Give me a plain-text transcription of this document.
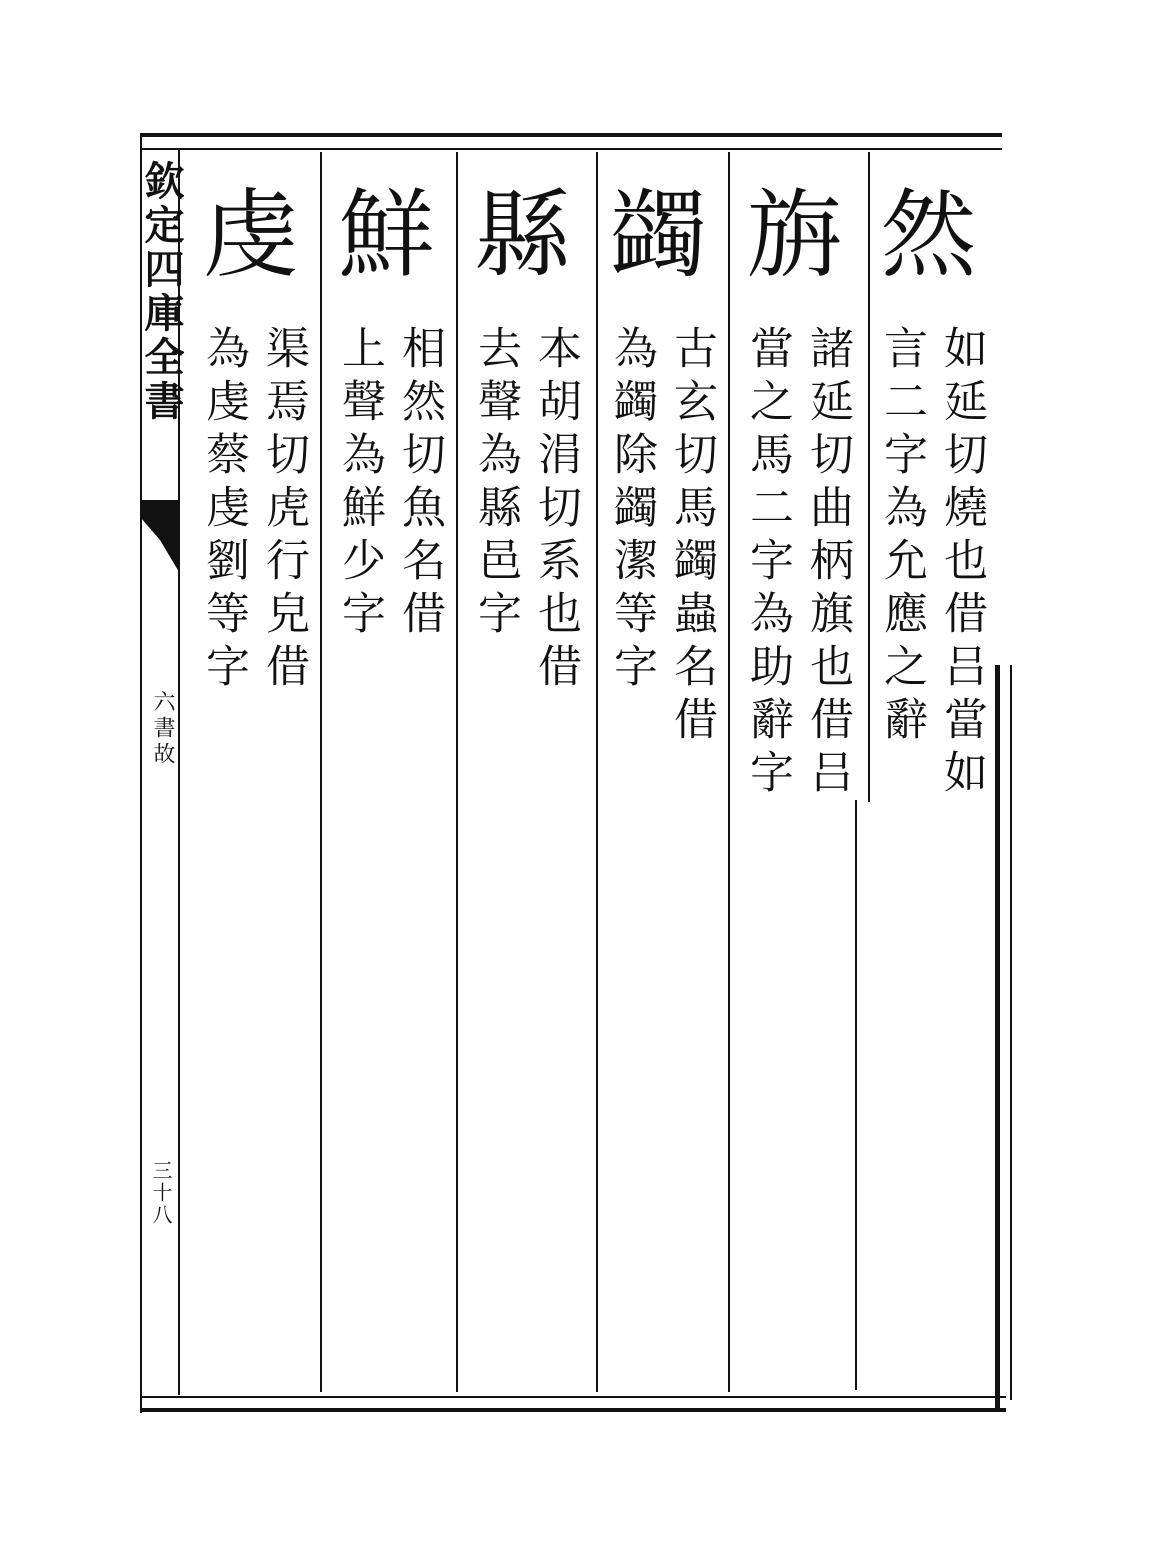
欽定四庫全書
六書故
三十八
然
如延切燒也借吕當如
言二字為允應之辭
旃
諸延切曲柄旗也借吕
當之馬二字為助辭字
蠲
古玄切馬蠲蟲名借
為蠲除蠲潔等字
縣
本胡涓切系也借
去聲為縣邑字
鮮
相然切魚名借
上聲為鮮少字
虔
渠焉切虎行皃借
為虔蔡虔劉等字
